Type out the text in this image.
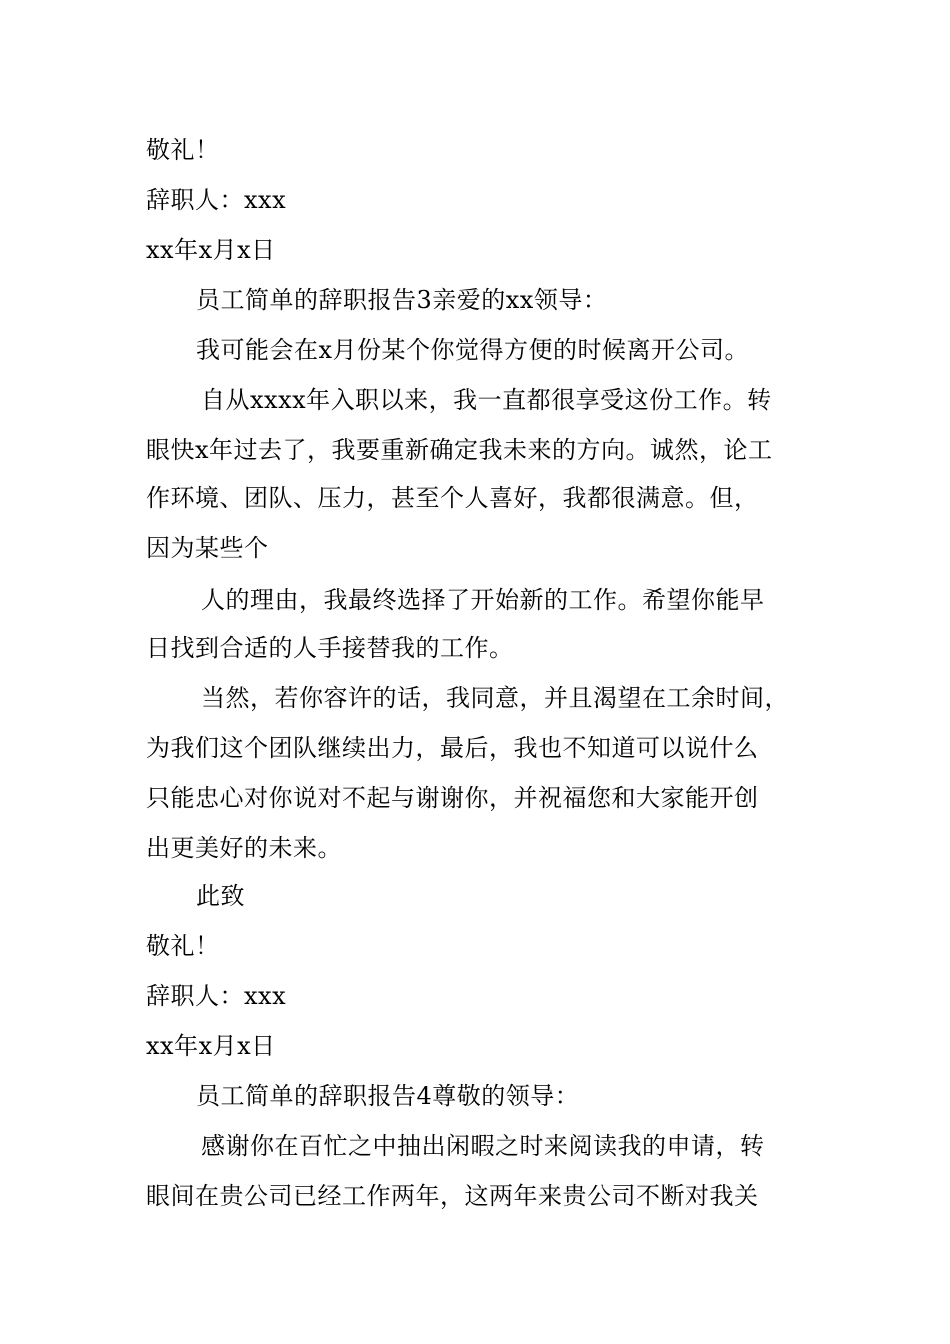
敬礼！
辞职人：xxx
xx年x月x日
员工简单的辞职报告3亲爱的xx领导：
我可能会在x月份某个你觉得方便的时候离开公司。
自从xxxx年入职以来，我一直都很享受这份工作。转
眼快x年过去了，我要重新确定我未来的方向。诚然，论工
作环境、团队、压力，甚至个人喜好，我都很满意。但，
因为某些个
人的理由，我最终选择了开始新的工作。希望你能早
日找到合适的人手接替我的工作。
当然，若你容许的话，我同意，并且渴望在工余时间，
为我们这个团队继续出力，最后，我也不知道可以说什么
只能忠心对你说对不起与谢谢你，并祝福您和大家能开创
出更美好的未来。
此致
敬礼！
辞职人：xxx
xx年x月x日
员工简单的辞职报告4尊敬的领导：
感谢你在百忙之中抽出闲暇之时来阅读我的申请，转
眼间在贵公司已经工作两年，这两年来贵公司不断对我关
